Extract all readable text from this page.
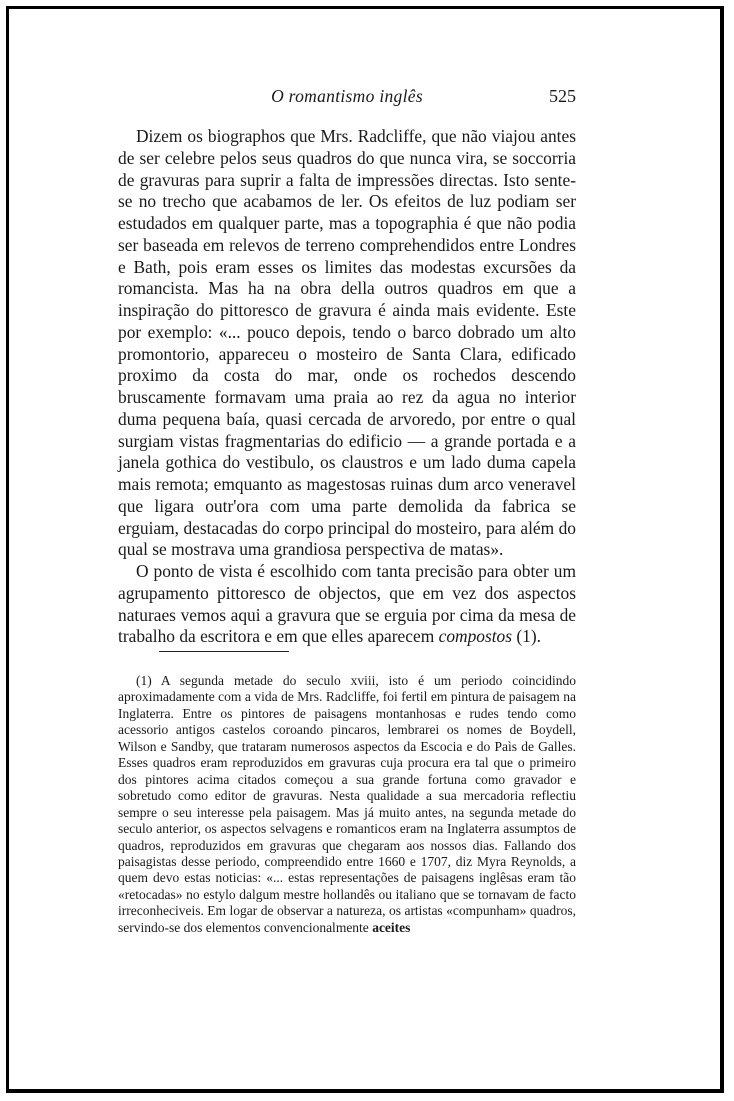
O romantismo inglês	525

Dizem os biographos que Mrs. Radcliffe, que não viajou antes de ser celebre pelos seus quadros do que nunca vira, se soccorria de gravuras para suprir a falta de impressões directas. Isto sente-se no trecho que acabamos de ler. Os efeitos de luz podiam ser estudados em qualquer parte, mas a topographia é que não podia ser baseada em relevos de terreno comprehendidos entre Londres e Bath, pois eram esses os limites das modestas excursões da romancista. Mas ha na obra della outros quadros em que a inspiração do pittoresco de gravura é ainda mais evidente. Este por exemplo: «... pouco depois, tendo o barco dobrado um alto promontorio, appareceu o mosteiro de Santa Clara, edificado proximo da costa do mar, onde os rochedos descendo bruscamente formavam uma praia ao rez da agua no interior duma pequena baía, quasi cercada de arvoredo, por entre o qual surgiam vistas fragmentarias do edificio — a grande portada e a janela gothica do vestibulo, os claustros e um lado duma capela mais remota; emquanto as magestosas ruinas dum arco veneravel que ligara outr'ora com uma parte demolida da fabrica se erguiam, destacadas do corpo principal do mosteiro, para além do qual se mostrava uma grandiosa perspectiva de matas».

O ponto de vista é escolhido com tanta precisão para obter um agrupamento pittoresco de objectos, que em vez dos aspectos naturaes vemos aqui a gravura que se erguia por cima da mesa de trabalho da escritora e em que elles aparecem compostos (1).

(1) A segunda metade do seculo xviii, isto é um periodo coincidindo aproximadamente com a vida de Mrs. Radcliffe, foi fertil em pintura de paisagem na Inglaterra. Entre os pintores de paisagens montanhosas e rudes tendo como acessorio antigos castelos coroando pincaros, lembrarei os nomes de Boydell, Wilson e Sandby, que trataram numerosos aspectos da Escocia e do Paìs de Galles. Esses quadros eram reproduzidos em gravuras cuja procura era tal que o primeiro dos pintores acima citados começou a sua grande fortuna como gravador e sobretudo como editor de gravuras. Nesta qualidade a sua mercadoria reflectiu sempre o seu interesse pela paisagem. Mas já muito antes, na segunda metade do seculo anterior, os aspectos selvagens e romanticos eram na Inglaterra assumptos de quadros, reproduzidos em gravuras que chegaram aos nossos dias. Fallando dos paisagistas desse periodo, compreendido entre 1660 e 1707, diz Myra Reynolds, a quem devo estas noticias: «... estas representações de paisagens inglêsas eram tão «retocadas» no estylo dalgum mestre hollandês ou italiano que se tornavam de facto irreconheciveis. Em logar de observar a natureza, os artistas «compunham» quadros, servindo-se dos elementos convencionalmente aceites
